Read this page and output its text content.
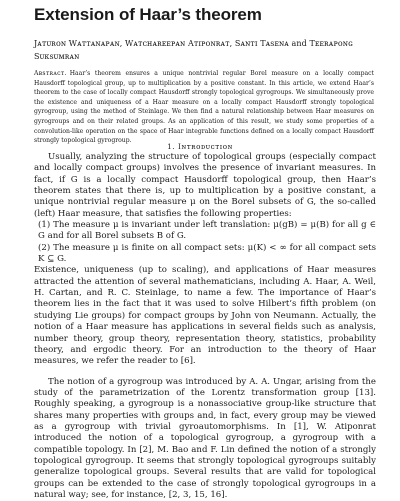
Extension of Haar’s theorem
Jᴀᴛᴜʀᴏɴ Wᴀᴛᴛᴀɴᴀᴘᴀɴ, Wᴀᴛᴄʜᴀʀᴇᴇᴘᴀɴ Aᴛɪᴘᴏɴʀᴀᴛ, Sᴀɴᴛɪ Tᴀsᴇɴᴀ and Tᴇᴇʀᴀᴘᴏɴɢ Sᴜᴋsᴜᴍʀᴀɴ
Aʙsᴛʀᴀᴄᴛ. Haar’s theorem ensures a unique nontrivial regular Borel measure on a locally compact Hausdorff topological group, up to multiplication by a positive constant. In this article, we extend Haar’s theorem to the case of locally compact Hausdorff strongly topological gyrogroups. We simultaneously prove the existence and uniqueness of a Haar measure on a locally compact Hausdorff strongly topological gyrogroup, using the method of Steinlage. We then find a natural relationship between Haar measures on gyrogroups and on their related groups. As an application of this result, we study some properties of a convolution-like operation on the space of Haar integrable functions defined on a locally compact Hausdorff strongly topological gyrogroup.
1. Iɴᴛʀᴏᴅᴜᴄᴛɪᴏɴ

Usually, analyzing the structure of topological groups (especially compact and locally compact groups) involves the presence of invariant measures. In fact, if G is a locally compact Hausdorff topological group, then Haar’s theorem states that there is, up to multiplication by a positive constant, a unique nontrivial regular measure μ on the Borel subsets of G, the so-called (left) Haar measure, that satisfies the following properties:

(1) The measure μ is invariant under left translation: μ(gB) = μ(B) for all g ∈ G and for all Borel subsets B of G.

(2) The measure μ is finite on all compact sets: μ(K) < ∞ for all compact sets K ⊆ G.

Existence, uniqueness (up to scaling), and applications of Haar measures attracted the attention of several mathematicians, including A. Haar, A. Weil, H. Cartan, and R. C. Steinlage, to name a few. The importance of Haar’s theorem lies in the fact that it was used to solve Hilbert’s fifth problem (on studying Lie groups) for compact groups by John von Neumann. Actually, the notion of a Haar measure has applications in several fields such as analysis, number theory, group theory, representation theory, statistics, probability theory, and ergodic theory. For an introduction to the theory of Haar measures, we refer the reader to [6].

The notion of a gyrogroup was introduced by A. A. Ungar, arising from the study of the parametrization of the Lorentz transformation group [13]. Roughly speaking, a gyrogroup is a nonassociative group-like structure that shares many properties with groups and, in fact, every group may be viewed as a gyrogroup with trivial gyroautomorphisms. In [1], W. Atiponrat introduced the notion of a topological gyrogroup, a gyrogroup with a compatible topology. In [2], M. Bao and F. Lin defined the notion of a strongly topological gyrogroup. It seems that strongly topological gyrogroups suitably generalize topological groups. Several results that are valid for topological groups can be extended to the case of strongly topological gyrogroups in a natural way; see, for instance, [2, 3, 15, 16].
